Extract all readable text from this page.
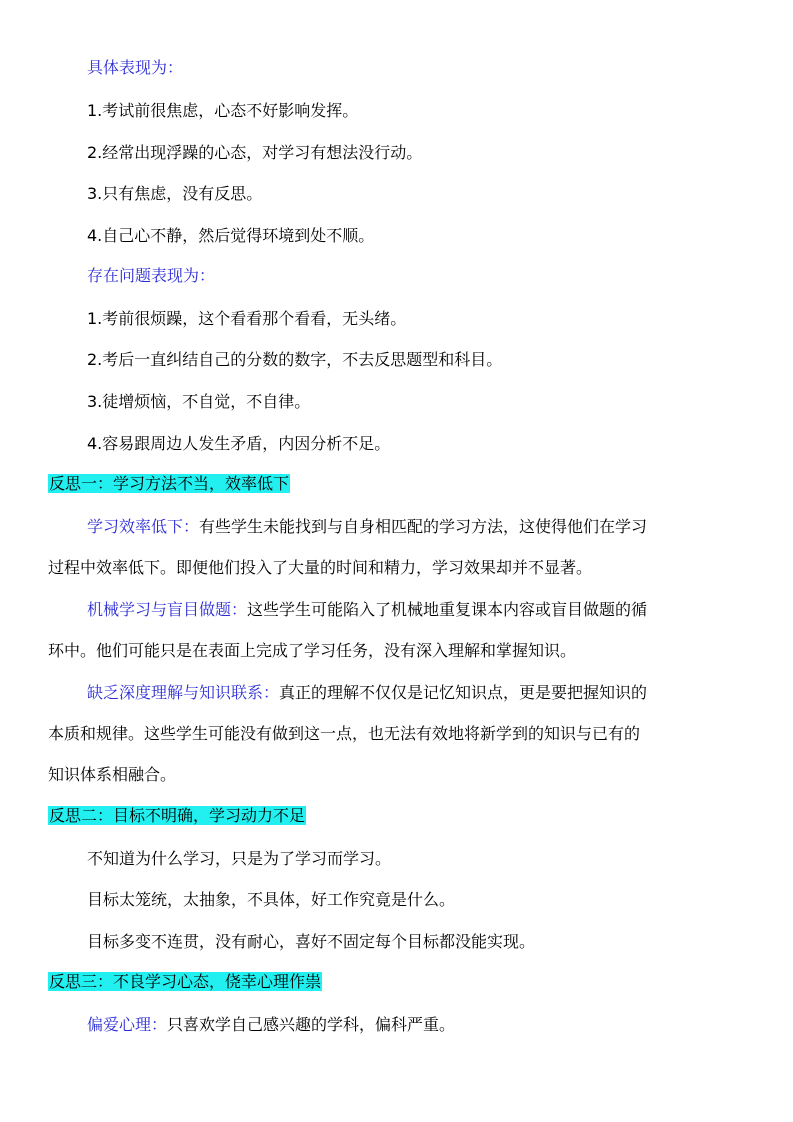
具体表现为：
1.考试前很焦虑，心态不好影响发挥。
2.经常出现浮躁的心态，对学习有想法没行动。
3.只有焦虑，没有反思。
4.自己心不静，然后觉得环境到处不顺。
存在问题表现为：
1.考前很烦躁，这个看看那个看看，无头绪。
2.考后一直纠结自己的分数的数字，不去反思题型和科目。
3.徒增烦恼，不自觉，不自律。
4.容易跟周边人发生矛盾，内因分析不足。
反思一：学习方法不当，效率低下
学习效率低下：有些学生未能找到与自身相匹配的学习方法，这使得他们在学习
过程中效率低下。即便他们投入了大量的时间和精力，学习效果却并不显著。
机械学习与盲目做题：这些学生可能陷入了机械地重复课本内容或盲目做题的循
环中。他们可能只是在表面上完成了学习任务，没有深入理解和掌握知识。
缺乏深度理解与知识联系：真正的理解不仅仅是记忆知识点，更是要把握知识的
本质和规律。这些学生可能没有做到这一点，也无法有效地将新学到的知识与已有的
知识体系相融合。
反思二：目标不明确，学习动力不足
不知道为什么学习，只是为了学习而学习。
目标太笼统，太抽象，不具体，好工作究竟是什么。
目标多变不连贯，没有耐心，喜好不固定每个目标都没能实现。
反思三：不良学习心态，侥幸心理作祟
偏爱心理：只喜欢学自己感兴趣的学科，偏科严重。
